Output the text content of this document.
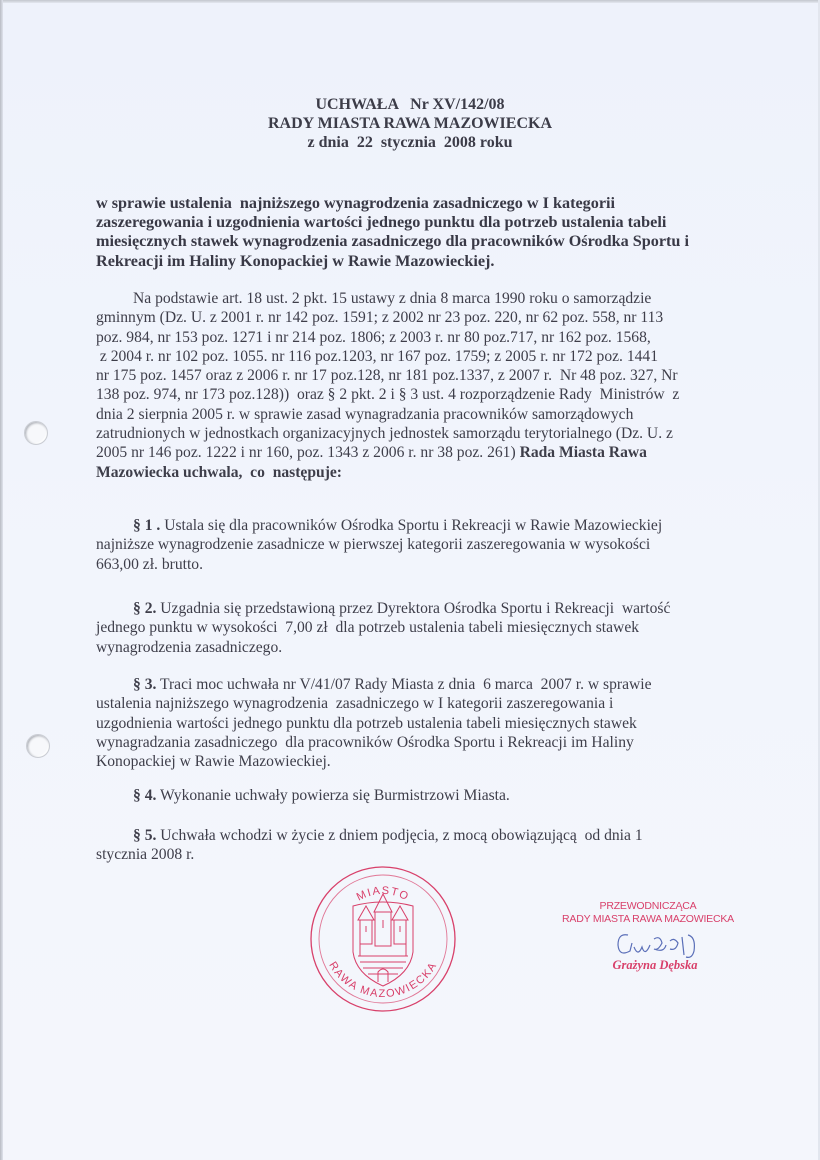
UCHWAŁA   Nr XV/142/08
RADY MIASTA RAWA MAZOWIECKA
z dnia  22  stycznia  2008 roku
w sprawie ustalenia  najniższego wynagrodzenia zasadniczego w I kategorii
zaszeregowania i uzgodnienia wartości jednego punktu dla potrzeb ustalenia tabeli
miesięcznych stawek wynagrodzenia zasadniczego dla pracowników Ośrodka Sportu i
Rekreacji im Haliny Konopackiej w Rawie Mazowieckiej.
Na podstawie art. 18 ust. 2 pkt. 15 ustawy z dnia 8 marca 1990 roku o samorządzie
gminnym (Dz. U. z 2001 r. nr 142 poz. 1591; z 2002 nr 23 poz. 220, nr 62 poz. 558, nr 113
poz. 984, nr 153 poz. 1271 i nr 214 poz. 1806; z 2003 r. nr 80 poz.717, nr 162 poz. 1568,
z 2004 r. nr 102 poz. 1055. nr 116 poz.1203, nr 167 poz. 1759; z 2005 r. nr 172 poz. 1441
nr 175 poz. 1457 oraz z 2006 r. nr 17 poz.128, nr 181 poz.1337, z 2007 r.  Nr 48 poz. 327, Nr
138 poz. 974, nr 173 poz.128))  oraz § 2 pkt. 2 i § 3 ust. 4 rozporządzenie Rady  Ministrów  z
dnia 2 sierpnia 2005 r. w sprawie zasad wynagradzania pracowników samorządowych
zatrudnionych w jednostkach organizacyjnych jednostek samorządu terytorialnego (Dz. U. z
2005 nr 146 poz. 1222 i nr 160, poz. 1343 z 2006 r. nr 38 poz. 261) Rada Miasta Rawa
Mazowiecka uchwala,  co  następuje:
§ 1 . Ustala się dla pracowników Ośrodka Sportu i Rekreacji w Rawie Mazowieckiej
najniższe wynagrodzenie zasadnicze w pierwszej kategorii zaszeregowania w wysokości
663,00 zł. brutto.
§ 2. Uzgadnia się przedstawioną przez Dyrektora Ośrodka Sportu i Rekreacji  wartość
jednego punktu w wysokości  7,00 zł  dla potrzeb ustalenia tabeli miesięcznych stawek
wynagrodzenia zasadniczego.
§ 3. Traci moc uchwała nr V/41/07 Rady Miasta z dnia  6 marca  2007 r. w sprawie
ustalenia najniższego wynagrodzenia  zasadniczego w I kategorii zaszeregowania i
uzgodnienia wartości jednego punktu dla potrzeb ustalenia tabeli miesięcznych stawek
wynagradzania zasadniczego  dla pracowników Ośrodka Sportu i Rekreacji im Haliny
Konopackiej w Rawie Mazowieckiej.
§ 4. Wykonanie uchwały powierza się Burmistrzowi Miasta.
§ 5. Uchwała wchodzi w życie z dniem podjęcia, z mocą obowiązującą  od dnia 1
stycznia 2008 r.
MIASTO
RAWA MAZOWIECKA
PRZEWODNICZĄCA
RADY MIASTA RAWA MAZOWIECKA
Grażyna Dębska
